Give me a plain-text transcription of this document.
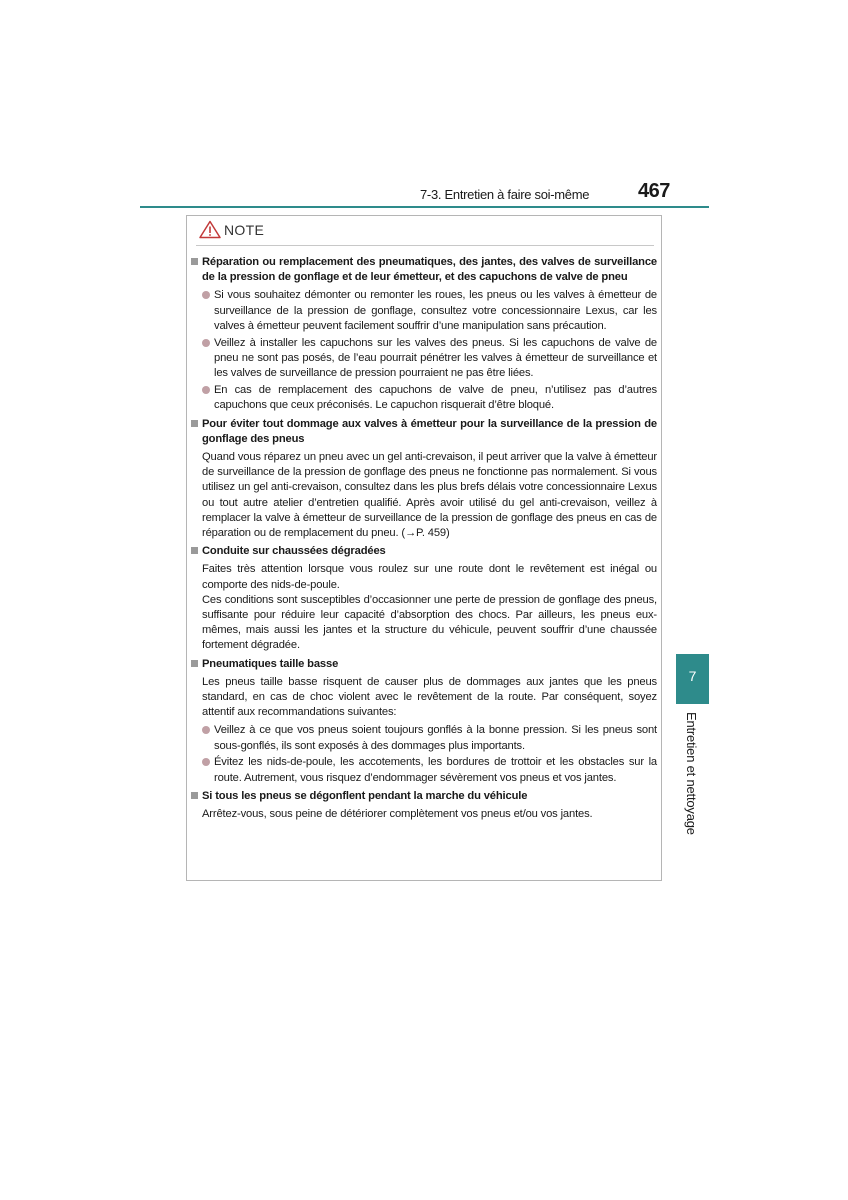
7-3. Entretien à faire soi-même 467
7
Entretien et nettoyage
NOTE
Réparation ou remplacement des pneumatiques, des jantes, des valves de surveillance de la pression de gonflage et de leur émetteur, et des capuchons de valve de pneu
Si vous souhaitez démonter ou remonter les roues, les pneus ou les valves à émetteur de surveillance de la pression de gonflage, consultez votre concessionnaire Lexus, car les valves à émetteur peuvent facilement souffrir d’une manipulation sans précaution.
Veillez à installer les capuchons sur les valves des pneus. Si les capuchons de valve de pneu ne sont pas posés, de l’eau pourrait pénétrer les valves à émetteur de surveillance et les valves de surveillance de pression pourraient ne pas être liées.
En cas de remplacement des capuchons de valve de pneu, n’utilisez pas d’autres capuchons que ceux préconisés. Le capuchon risquerait d’être bloqué.
Pour éviter tout dommage aux valves à émetteur pour la surveillance de la pression de gonflage des pneus
Quand vous réparez un pneu avec un gel anti-crevaison, il peut arriver que la valve à émetteur de surveillance de la pression de gonflage des pneus ne fonctionne pas normalement. Si vous utilisez un gel anti-crevaison, consultez dans les plus brefs délais votre concessionnaire Lexus ou tout autre atelier d’entretien qualifié. Après avoir utilisé du gel anti-crevaison, veillez à remplacer la valve à émetteur de surveillance de la pression de gonflage des pneus en cas de réparation ou de remplacement du pneu. (→P. 459)
Conduite sur chaussées dégradées
Faites très attention lorsque vous roulez sur une route dont le revêtement est inégal ou comporte des nids-de-poule.
Ces conditions sont susceptibles d’occasionner une perte de pression de gonflage des pneus, suffisante pour réduire leur capacité d’absorption des chocs. Par ailleurs, les pneus eux-mêmes, mais aussi les jantes et la structure du véhicule, peuvent souffrir d’une chaussée fortement dégradée.
Pneumatiques taille basse
Les pneus taille basse risquent de causer plus de dommages aux jantes que les pneus standard, en cas de choc violent avec le revêtement de la route. Par conséquent, soyez attentif aux recommandations suivantes:
Veillez à ce que vos pneus soient toujours gonflés à la bonne pression. Si les pneus sont sous-gonflés, ils sont exposés à des dommages plus importants.
Évitez les nids-de-poule, les accotements, les bordures de trottoir et les obstacles sur la route. Autrement, vous risquez d’endommager sévèrement vos pneus et vos jantes.
Si tous les pneus se dégonflent pendant la marche du véhicule
Arrêtez-vous, sous peine de détériorer complètement vos pneus et/ou vos jantes.
